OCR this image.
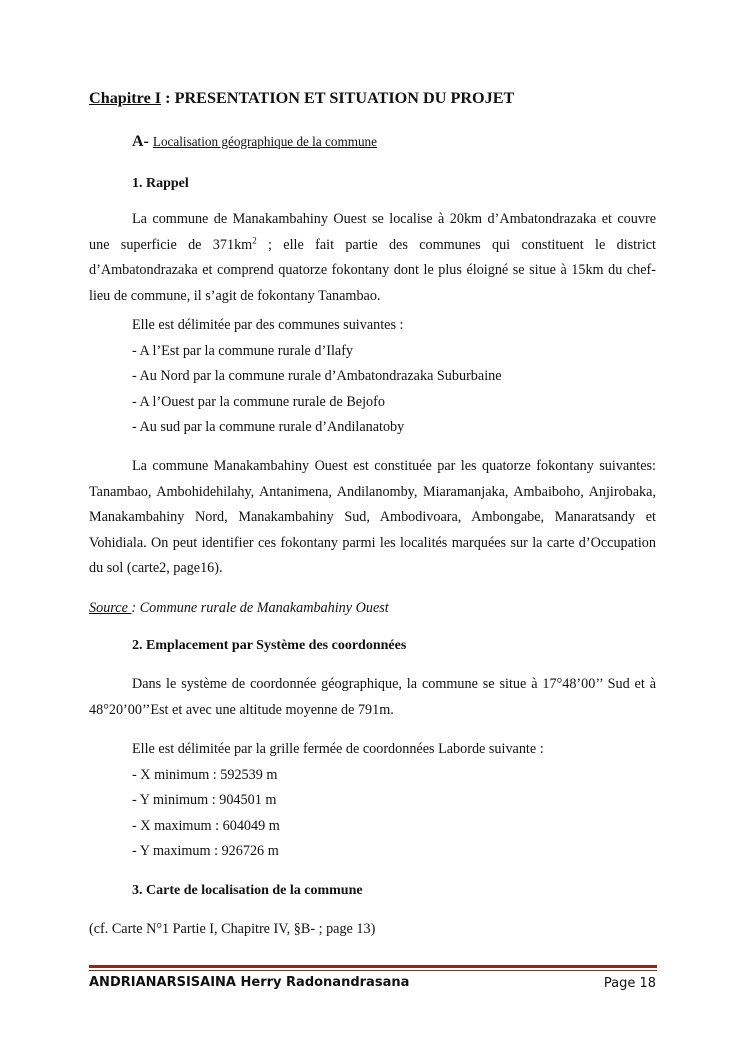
Chapitre I : PRESENTATION ET SITUATION DU PROJET
A- Localisation géographique de la commune
1. Rappel

La commune de Manakambahiny Ouest se localise à 20km d’Ambatondrazaka et couvre une superficie de $371km^2$ ; elle fait partie des communes qui constituent le district d’Ambatondrazaka et comprend quatorze fokontany dont le plus éloigné se situe à 15km du chef-lieu de commune, il s’agit de fokontany Tanambao.

Elle est délimitée par des communes suivantes :
- A l’Est par la commune rurale d’Ilafy
- Au Nord par la commune rurale d’Ambatondrazaka Suburbaine
- A l’Ouest par la commune rurale de Bejofo
- Au sud par la commune rurale d’Andilanatoby

La commune Manakambahiny Ouest est constituée par les quatorze fokontany suivantes: Tanambao, Ambohidehilahy, Antanimena, Andilanomby, Miaramanjaka, Ambaiboho, Anjirobaka, Manakambahiny Nord, Manakambahiny Sud, Ambodivoara, Ambongabe, Manaratsandy et Vohidiala. On peut identifier ces fokontany parmi les localités marquées sur la carte d’Occupation du sol (carte2, page16).

Source : Commune rurale de Manakambahiny Ouest
2. Emplacement par Système des coordonnées

Dans le système de coordonnée géographique, la commune se situe à 17°48’00’’ Sud et à 48°20’00’’Est et avec une altitude moyenne de 791m.

Elle est délimitée par la grille fermée de coordonnées Laborde suivante :
- X minimum : 592539 m
- Y minimum : 904501 m
- X maximum : 604049 m
- Y maximum : 926726 m
3. Carte de localisation de la commune
(cf. Carte N°1 Partie I, Chapitre IV, §B- ; page 13)
ANDRIANARSISAINA Herry Radonandrasana	Page 18
